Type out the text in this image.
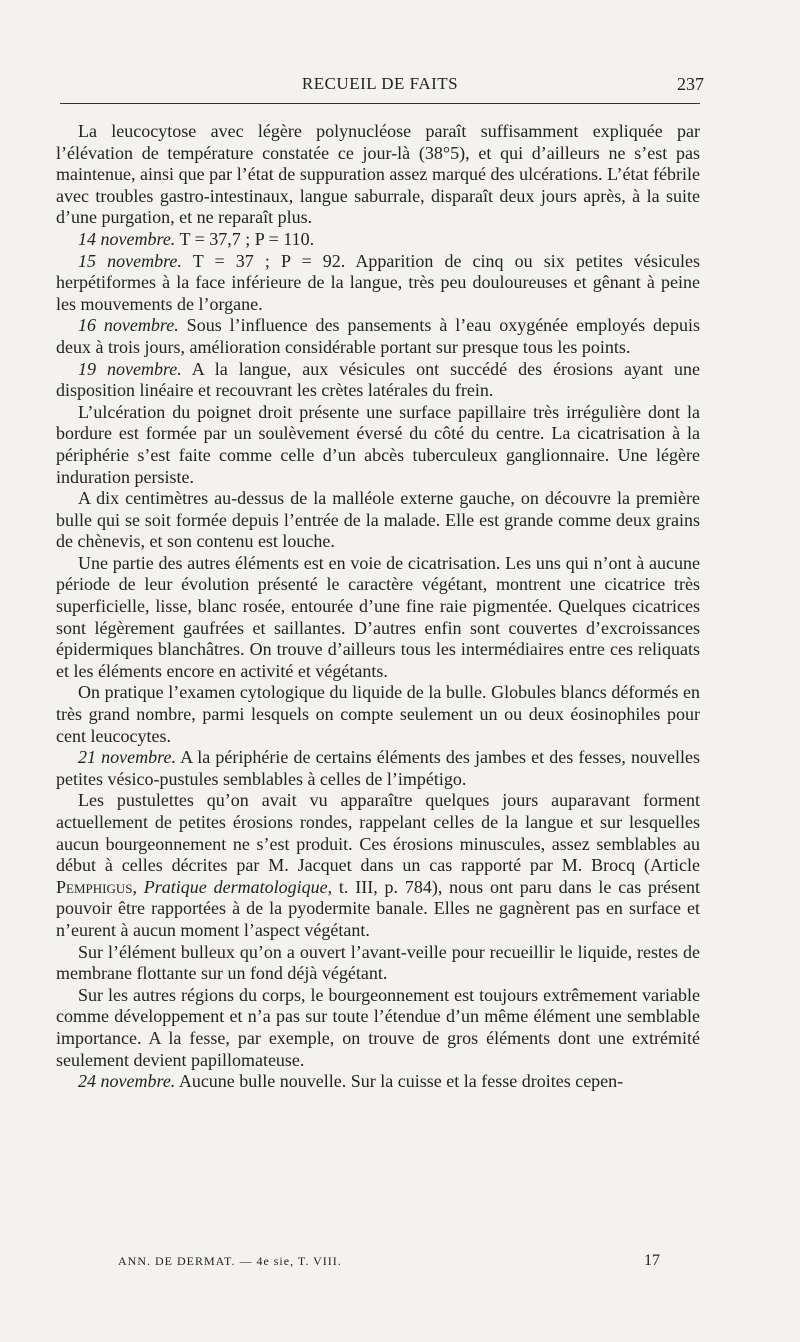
RECUEIL DE FAITS	237

La leucocytose avec légère polynucléose paraît suffisamment expliquée par l’élévation de température constatée ce jour-là (38°5), et qui d’ailleurs ne s’est pas maintenue, ainsi que par l’état de suppuration assez marqué des ulcérations. L’état fébrile avec troubles gastro-intestinaux, langue saburrale, disparaît deux jours après, à la suite d’une purgation, et ne reparaît plus.

14 novembre. T = 37,7 ; P = 110.

15 novembre. T = 37 ; P = 92. Apparition de cinq ou six petites vésicules herpétiformes à la face inférieure de la langue, très peu douloureuses et gênant à peine les mouvements de l’organe.

16 novembre. Sous l’influence des pansements à l’eau oxygénée employés depuis deux à trois jours, amélioration considérable portant sur presque tous les points.

19 novembre. A la langue, aux vésicules ont succédé des érosions ayant une disposition linéaire et recouvrant les crètes latérales du frein.

L’ulcération du poignet droit présente une surface papillaire très irrégulière dont la bordure est formée par un soulèvement éversé du côté du centre. La cicatrisation à la périphérie s’est faite comme celle d’un abcès tuberculeux ganglionnaire. Une légère induration persiste.

A dix centimètres au-dessus de la malléole externe gauche, on découvre la première bulle qui se soit formée depuis l’entrée de la malade. Elle est grande comme deux grains de chènevis, et son contenu est louche.

Une partie des autres éléments est en voie de cicatrisation. Les uns qui n’ont à aucune période de leur évolution présenté le caractère végétant, montrent une cicatrice très superficielle, lisse, blanc rosée, entourée d’une fine raie pigmentée. Quelques cicatrices sont légèrement gaufrées et saillantes. D’autres enfin sont couvertes d’excroissances épidermiques blanchâtres. On trouve d’ailleurs tous les intermédiaires entre ces reliquats et les éléments encore en activité et végétants.

On pratique l’examen cytologique du liquide de la bulle. Globules blancs déformés en très grand nombre, parmi lesquels on compte seulement un ou deux éosinophiles pour cent leucocytes.

21 novembre. A la périphérie de certains éléments des jambes et des fesses, nouvelles petites vésico-pustules semblables à celles de l’impétigo.

Les pustulettes qu’on avait vu apparaître quelques jours auparavant forment actuellement de petites érosions rondes, rappelant celles de la langue et sur lesquelles aucun bourgeonnement ne s’est produit. Ces érosions minuscules, assez semblables au début à celles décrites par M. Jacquet dans un cas rapporté par M. Brocq (Article Pemphigus, Pratique dermatologique, t. III, p. 784), nous ont paru dans le cas présent pouvoir être rapportées à de la pyodermite banale. Elles ne gagnèrent pas en surface et n’eurent à aucun moment l’aspect végétant.

Sur l’élément bulleux qu’on a ouvert l’avant-veille pour recueillir le liquide, restes de membrane flottante sur un fond déjà végétant.

Sur les autres régions du corps, le bourgeonnement est toujours extrêmement variable comme développement et n’a pas sur toute l’étendue d’un même élément une semblable importance. A la fesse, par exemple, on trouve de gros éléments dont une extrémité seulement devient papillomateuse.

24 novembre. Aucune bulle nouvelle. Sur la cuisse et la fesse droites cepen-

ANN. DE DERMAT. — 4e sie, T. VIII.	17
